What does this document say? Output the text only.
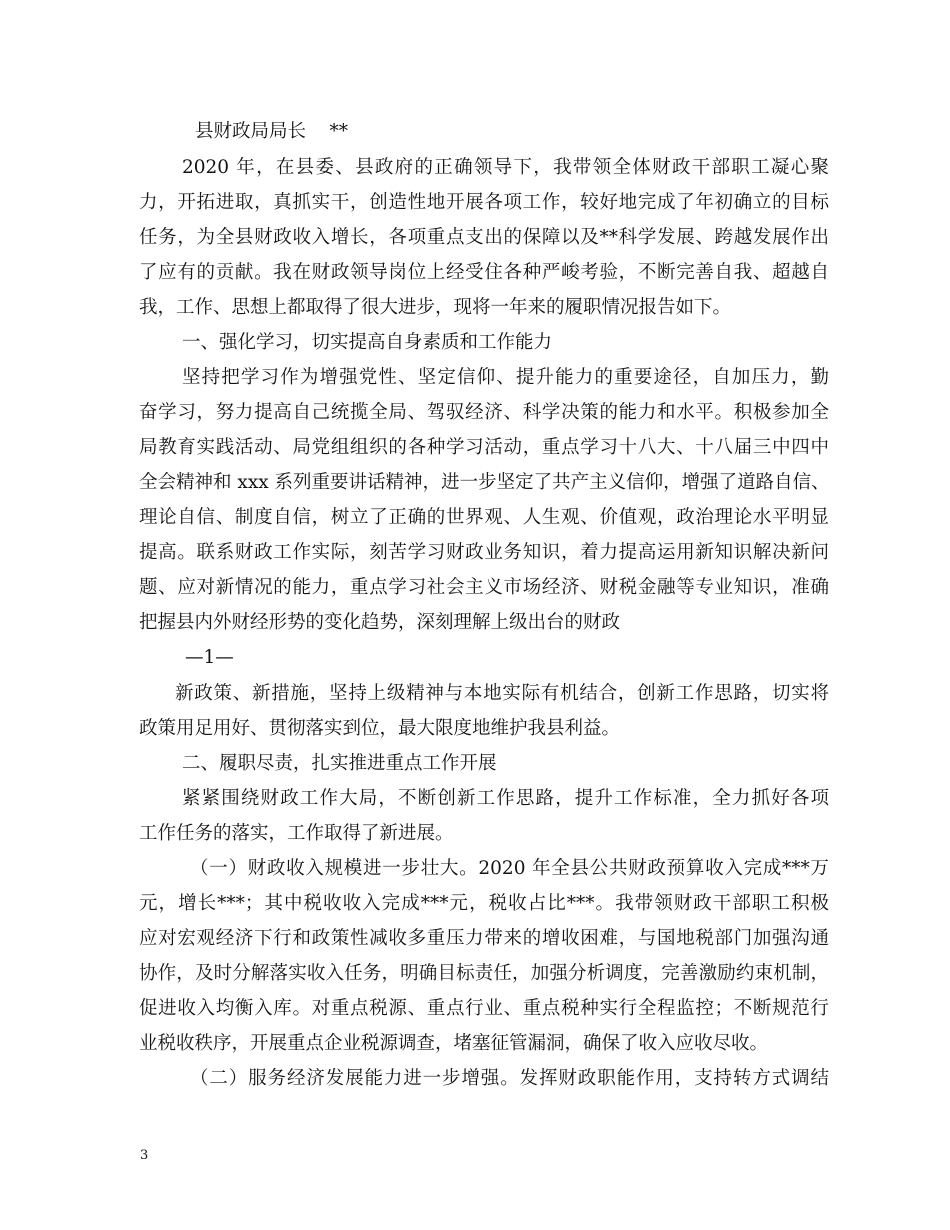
县财政局局长    **
2020 年，在县委、县政府的正确领导下，我带领全体财政干部职工凝心聚
力，开拓进取，真抓实干，创造性地开展各项工作，较好地完成了年初确立的目标
任务，为全县财政收入增长，各项重点支出的保障以及**科学发展、跨越发展作出
了应有的贡献。我在财政领导岗位上经受住各种严峻考验，不断完善自我、超越自
我，工作、思想上都取得了很大进步，现将一年来的履职情况报告如下。
一、强化学习，切实提高自身素质和工作能力
坚持把学习作为增强党性、坚定信仰、提升能力的重要途径，自加压力，勤
奋学习，努力提高自己统揽全局、驾驭经济、科学决策的能力和水平。积极参加全
局教育实践活动、局党组组织的各种学习活动，重点学习十八大、十八届三中四中
全会精神和 xxx 系列重要讲话精神，进一步坚定了共产主义信仰，增强了道路自信、
理论自信、制度自信，树立了正确的世界观、人生观、价值观，政治理论水平明显
提高。联系财政工作实际，刻苦学习财政业务知识，着力提高运用新知识解决新问
题、应对新情况的能力，重点学习社会主义市场经济、财税金融等专业知识，准确
把握县内外财经形势的变化趋势，深刻理解上级出台的财政
—1—
新政策、新措施，坚持上级精神与本地实际有机结合，创新工作思路，切实将
政策用足用好、贯彻落实到位，最大限度地维护我县利益。
二、履职尽责，扎实推进重点工作开展
紧紧围绕财政工作大局，不断创新工作思路，提升工作标准，全力抓好各项
工作任务的落实，工作取得了新进展。
（一）财政收入规模进一步壮大。2020 年全县公共财政预算收入完成***万
元，增长***；其中税收收入完成***元，税收占比***。我带领财政干部职工积极
应对宏观经济下行和政策性减收多重压力带来的增收困难，与国地税部门加强沟通
协作，及时分解落实收入任务，明确目标责任，加强分析调度，完善激励约束机制，
促进收入均衡入库。对重点税源、重点行业、重点税种实行全程监控；不断规范行
业税收秩序，开展重点企业税源调查，堵塞征管漏洞，确保了收入应收尽收。
（二）服务经济发展能力进一步增强。发挥财政职能作用，支持转方式调结
3
